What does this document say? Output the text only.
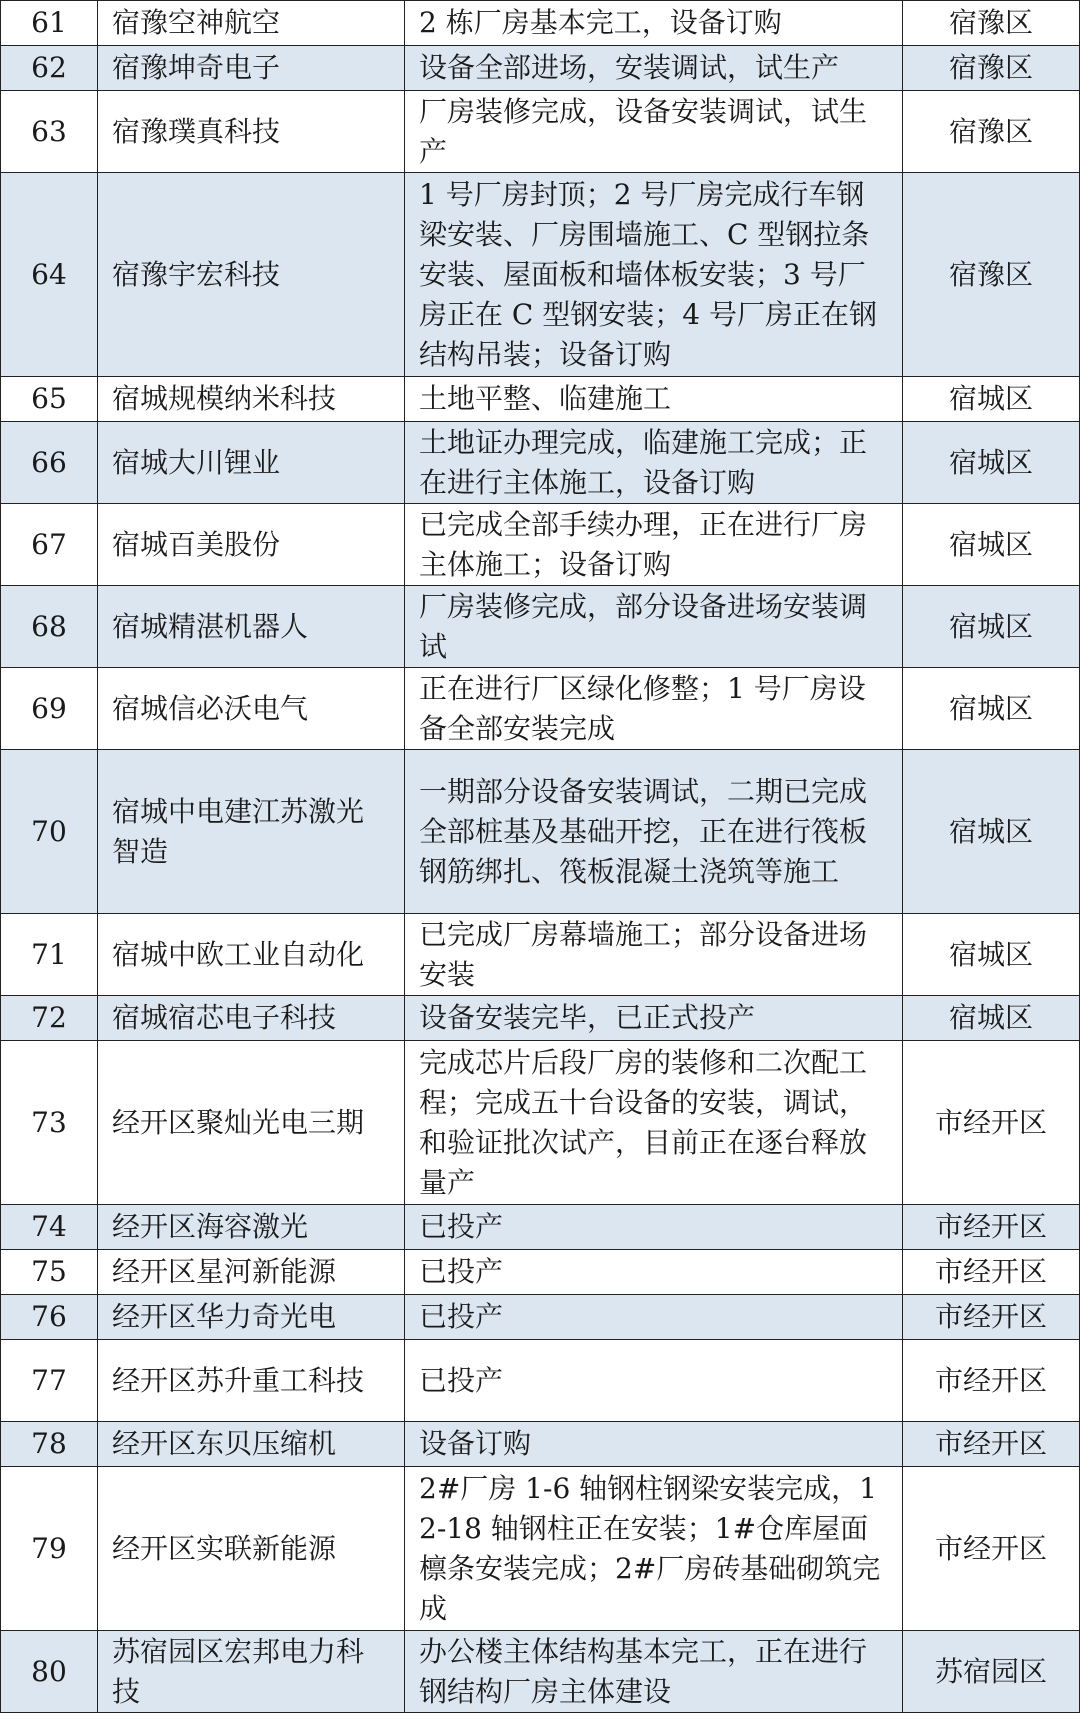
61	宿豫空神航空	2 栋厂房基本完工，设备订购	宿豫区
62	宿豫坤奇电子	设备全部进场，安装调试，试生产	宿豫区
63	宿豫璞真科技	厂房装修完成，设备安装调试，试生产	宿豫区
64	宿豫宇宏科技	1 号厂房封顶；2 号厂房完成行车钢梁安装、厂房围墙施工、C 型钢拉条安装、屋面板和墙体板安装；3 号厂房正在 C 型钢安装；4 号厂房正在钢结构吊装；设备订购	宿豫区
65	宿城规模纳米科技	土地平整、临建施工	宿城区
66	宿城大川锂业	土地证办理完成，临建施工完成；正在进行主体施工，设备订购	宿城区
67	宿城百美股份	已完成全部手续办理，正在进行厂房主体施工；设备订购	宿城区
68	宿城精湛机器人	厂房装修完成，部分设备进场安装调试	宿城区
69	宿城信必沃电气	正在进行厂区绿化修整；1 号厂房设备全部安装完成	宿城区
70	宿城中电建江苏激光智造	一期部分设备安装调试，二期已完成全部桩基及基础开挖，正在进行筏板钢筋绑扎、筏板混凝土浇筑等施工	宿城区
71	宿城中欧工业自动化	已完成厂房幕墙施工；部分设备进场安装	宿城区
72	宿城宿芯电子科技	设备安装完毕，已正式投产	宿城区
73	经开区聚灿光电三期	完成芯片后段厂房的装修和二次配工程；完成五十台设备的安装，调试，和验证批次试产，目前正在逐台释放量产	市经开区
74	经开区海容激光	已投产	市经开区
75	经开区星河新能源	已投产	市经开区
76	经开区华力奇光电	已投产	市经开区
77	经开区苏升重工科技	已投产	市经开区
78	经开区东贝压缩机	设备订购	市经开区
79	经开区实联新能源	2#厂房 1-6 轴钢柱钢梁安装完成，12-18 轴钢柱正在安装；1#仓库屋面檩条安装完成；2#厂房砖基础砌筑完成	市经开区
80	苏宿园区宏邦电力科技	办公楼主体结构基本完工，正在进行钢结构厂房主体建设	苏宿园区
